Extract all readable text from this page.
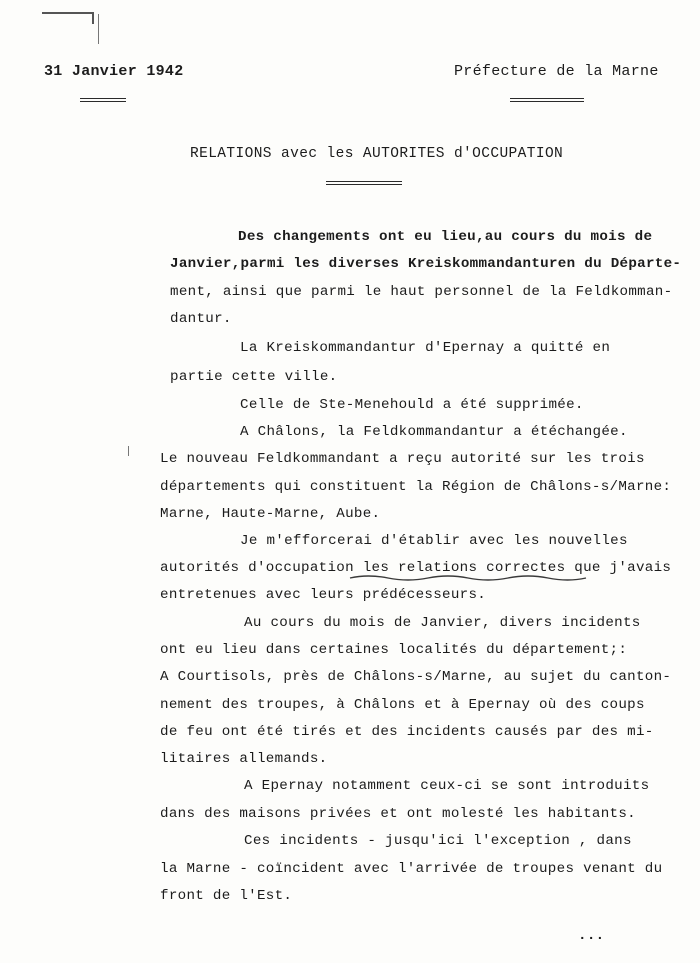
31 Janvier 1942	Préfecture de la Marne
RELATIONS avec les AUTORITES d'OCCUPATION
Des changements ont eu lieu,au cours du mois de
Janvier,parmi les diverses Kreiskommandanturen du Départe-
ment, ainsi que parmi le haut personnel de la Feldkomman-
dantur.
La Kreiskommandantur d'Epernay a quitté en
partie cette ville.
Celle de Ste-Menehould a été supprimée.
A Châlons, la Feldkommandantur a étéchangée.
Le nouveau Feldkommandant a reçu autorité sur les trois
départements qui constituent la Région de Châlons-s/Marne:
Marne, Haute-Marne, Aube.
Je m'efforcerai d'établir avec les nouvelles
autorités d'occupation les relations correctes que j'avais
entretenues avec leurs prédécesseurs.
Au cours du mois de Janvier, divers incidents
ont eu lieu dans certaines localités du département;:
A Courtisols, près de Châlons-s/Marne, au sujet du canton-
nement des troupes, à Châlons et à Epernay où des coups
de feu ont été tirés et des incidents causés par des mi-
litaires allemands.
A Epernay notamment ceux-ci se sont introduits
dans des maisons privées et ont molesté les habitants.
Ces incidents - jusqu'ici l'exception , dans
la Marne - coïncident avec l'arrivée de troupes venant du
front de l'Est.
...
